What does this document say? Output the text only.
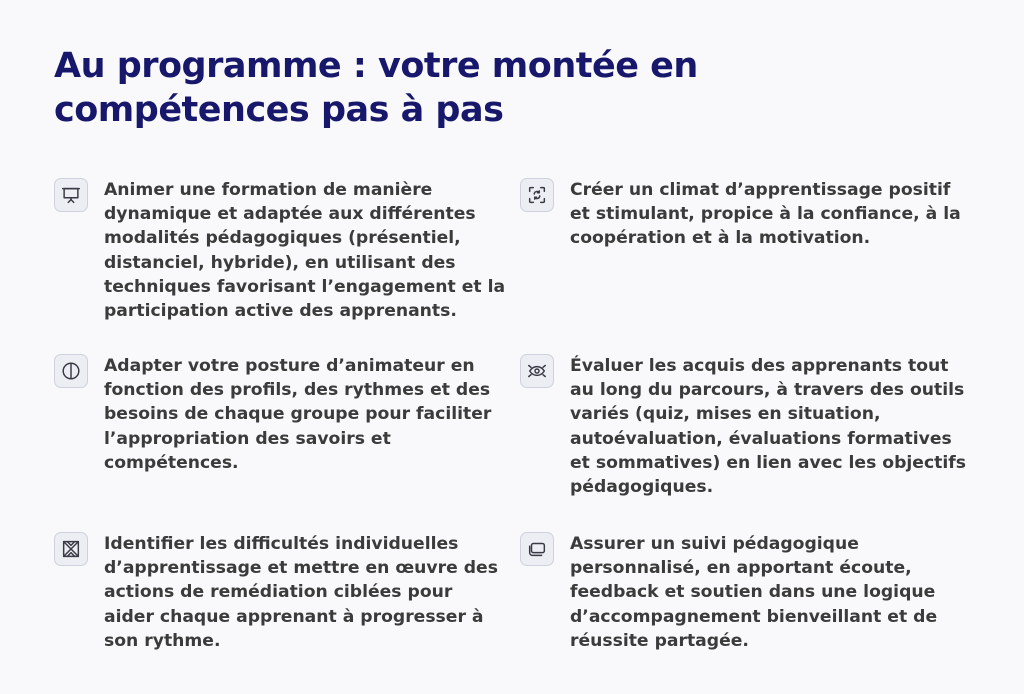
Au programme : votre montée en compétences pas à pas
Animer une formation de manière dynamique et adaptée aux différentes modalités pédagogiques (présentiel, distanciel, hybride), en utilisant des techniques favorisant l’engagement et la participation active des apprenants.
Créer un climat d’apprentissage positif et stimulant, propice à la confiance, à la coopération et à la motivation.
Adapter votre posture d’animateur en fonction des profils, des rythmes et des besoins de chaque groupe pour faciliter l’appropriation des savoirs et compétences.
Évaluer les acquis des apprenants tout au long du parcours, à travers des outils variés (quiz, mises en situation, autoévaluation, évaluations formatives et sommatives) en lien avec les objectifs pédagogiques.
Identifier les difficultés individuelles d’apprentissage et mettre en œuvre des actions de remédiation ciblées pour aider chaque apprenant à progresser à son rythme.
Assurer un suivi pédagogique personnalisé, en apportant écoute, feedback et soutien dans une logique d’accompagnement bienveillant et de réussite partagée.
